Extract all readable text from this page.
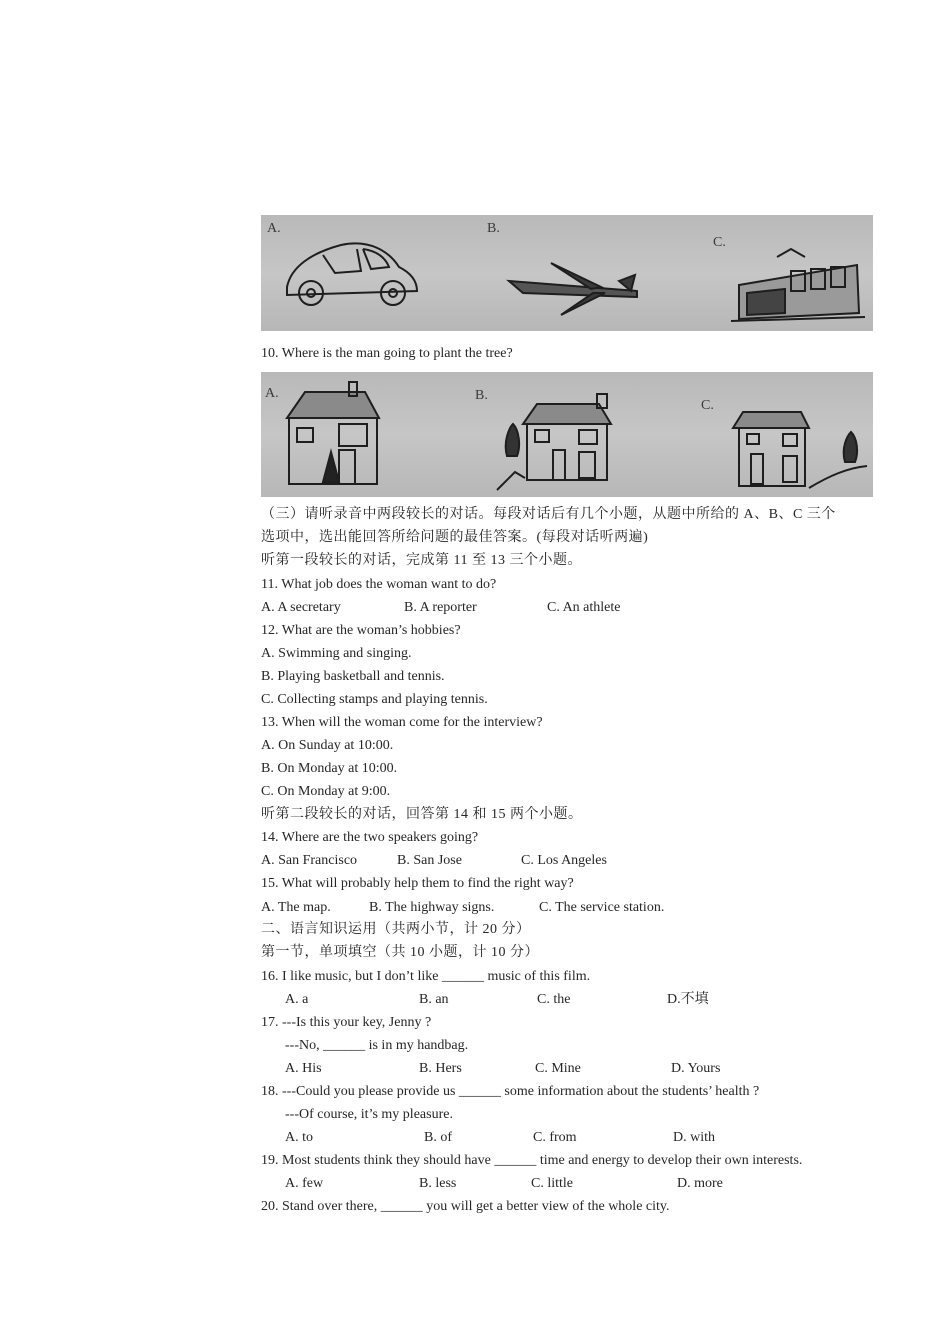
A.	B.
C.
10. Where is the man going to plant the tree?
A.	B.
C.
（三）请听录音中两段较长的对话。每段对话后有几个小题，从题中所给的 A、B、C 三个
选项中，选出能回答所给问题的最佳答案。(每段对话听两遍)
听第一段较长的对话，完成第 11 至 13 三个小题。
11. What job does the woman want to do?
A. A secretary	B. A reporter	C. An athlete
12. What are the woman’s hobbies?
A. Swimming and singing.
B. Playing basketball and tennis.
C. Collecting stamps and playing tennis.
13. When will the woman come for the interview?
A. On Sunday at 10:00.
B. On Monday at 10:00.
C. On Monday at 9:00.
听第二段较长的对话，回答第 14 和 15 两个小题。
14. Where are the two speakers going?
A. San Francisco	B. San Jose	C. Los Angeles
15. What will probably help them to find the right way?
A. The map.	B. The highway signs.	C. The service station.
二、语言知识运用（共两小节，计 20 分）
第一节，单项填空（共 10 小题，计 10 分）
16. I like music, but I don’t like ______ music of this film.
A. a	B. an	C. the	D.不填
17. ---Is this your key, Jenny ?
---No, ______ is in my handbag.
A. His	B. Hers	C. Mine	D. Yours
18. ---Could you please provide us ______ some information about the students’ health ?
---Of course, it’s my pleasure.
A. to	B. of	C. from	D. with
19. Most students think they should have ______ time and energy to develop their own interests.
A. few	B. less	C. little	D. more
20. Stand over there, ______ you will get a better view of the whole city.
